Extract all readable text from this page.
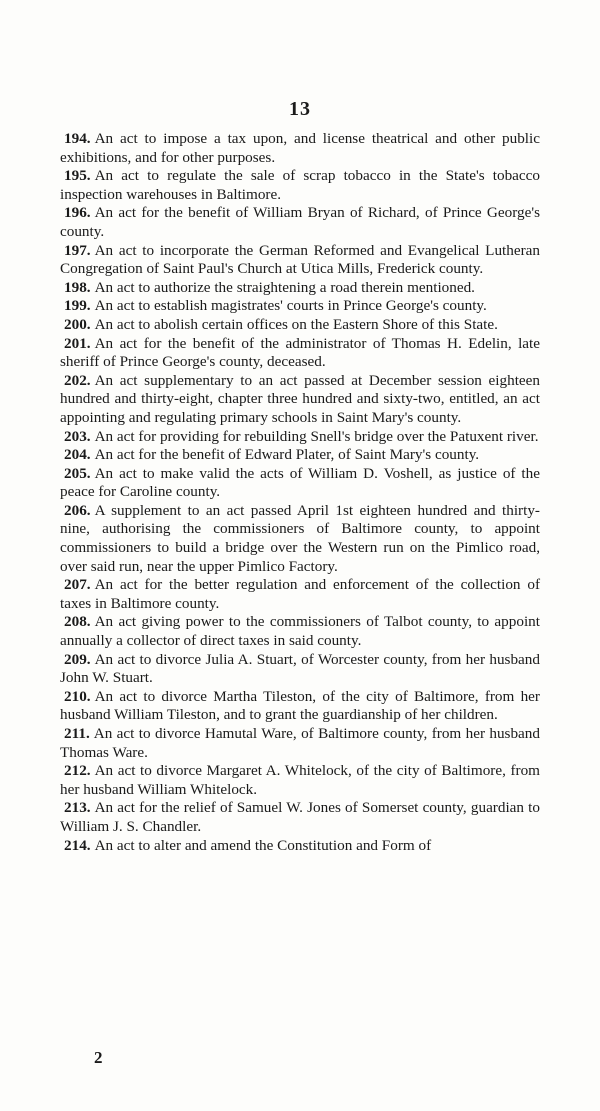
13

194. An act to impose a tax upon, and license theatrical and other public exhibitions, and for other purposes.

195. An act to regulate the sale of scrap tobacco in the State's tobacco inspection warehouses in Baltimore.

196. An act for the benefit of William Bryan of Richard, of Prince George's county.

197. An act to incorporate the German Reformed and Evangelical Lutheran Congregation of Saint Paul's Church at Utica Mills, Frederick county.

198. An act to authorize the straightening a road therein mentioned.

199. An act to establish magistrates' courts in Prince George's county.

200. An act to abolish certain offices on the Eastern Shore of this State.

201. An act for the benefit of the administrator of Thomas H. Edelin, late sheriff of Prince George's county, deceased.

202. An act supplementary to an act passed at December session eighteen hundred and thirty-eight, chapter three hundred and sixty-two, entitled, an act appointing and regulating primary schools in Saint Mary's county.

203. An act for providing for rebuilding Snell's bridge over the Patuxent river.

204. An act for the benefit of Edward Plater, of Saint Mary's county.

205. An act to make valid the acts of William D. Voshell, as justice of the peace for Caroline county.

206. A supplement to an act passed April 1st eighteen hundred and thirty-nine, authorising the commissioners of Baltimore county, to appoint commissioners to build a bridge over the Western run on the Pimlico road, over said run, near the upper Pimlico Factory.

207. An act for the better regulation and enforcement of the collection of taxes in Baltimore county.

208. An act giving power to the commissioners of Talbot county, to appoint annually a collector of direct taxes in said county.

209. An act to divorce Julia A. Stuart, of Worcester county, from her husband John W. Stuart.

210. An act to divorce Martha Tileston, of the city of Baltimore, from her husband William Tileston, and to grant the guardianship of her children.

211. An act to divorce Hamutal Ware, of Baltimore county, from her husband Thomas Ware.

212. An act to divorce Margaret A. Whitelock, of the city of Baltimore, from her husband William Whitelock.

213. An act for the relief of Samuel W. Jones of Somerset county, guardian to William J. S. Chandler.

214. An act to alter and amend the Constitution and Form of

2
